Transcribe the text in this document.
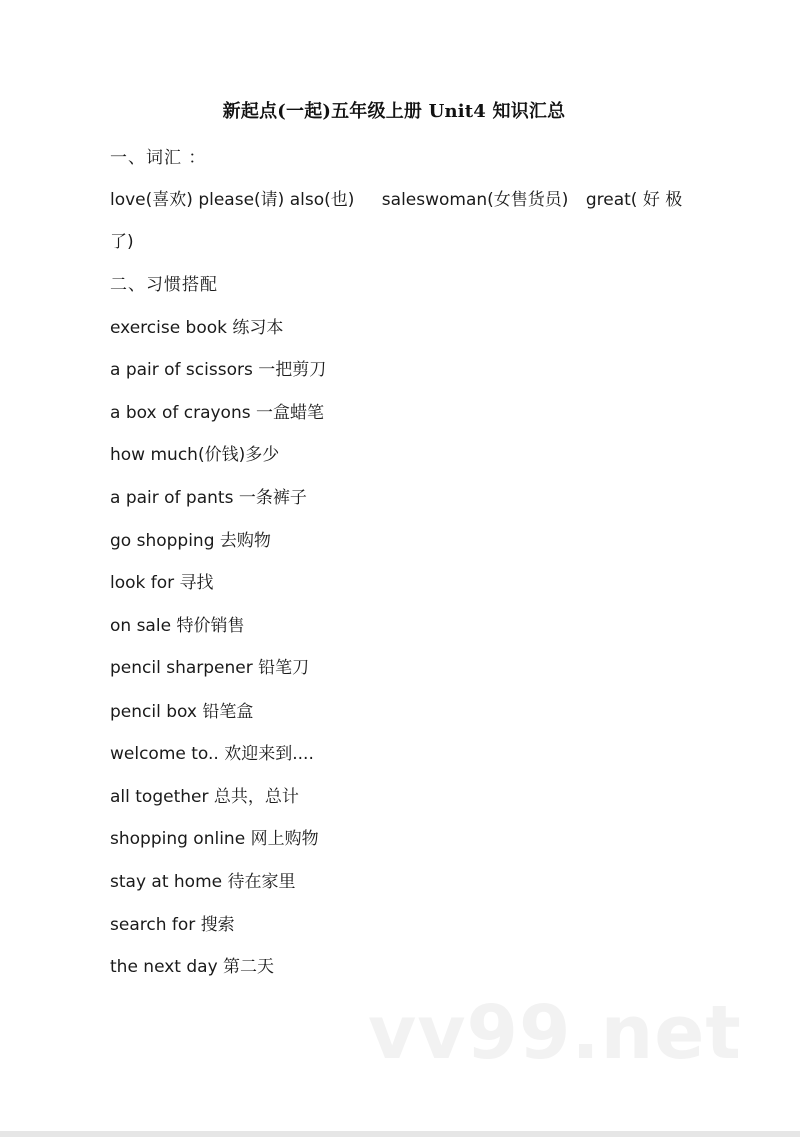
新起点(一起)五年级上册 Unit4 知识汇总
一、词汇 ：
love(喜欢) please(请) also(也) saleswoman(女售货员) great( 好 极
了)
二、习惯搭配
exercise book 练习本
a pair of scissors 一把剪刀
a box of crayons 一盒蜡笔
how much(价钱)多少
a pair of pants 一条裤子
go shopping 去购物
look for 寻找
on sale 特价销售
pencil sharpener 铅笔刀
pencil box 铅笔盒
welcome to.. 欢迎来到....
all together 总共，总计
shopping online 网上购物
stay at home 待在家里
search for 搜索
the next day 第二天
vv99.net
